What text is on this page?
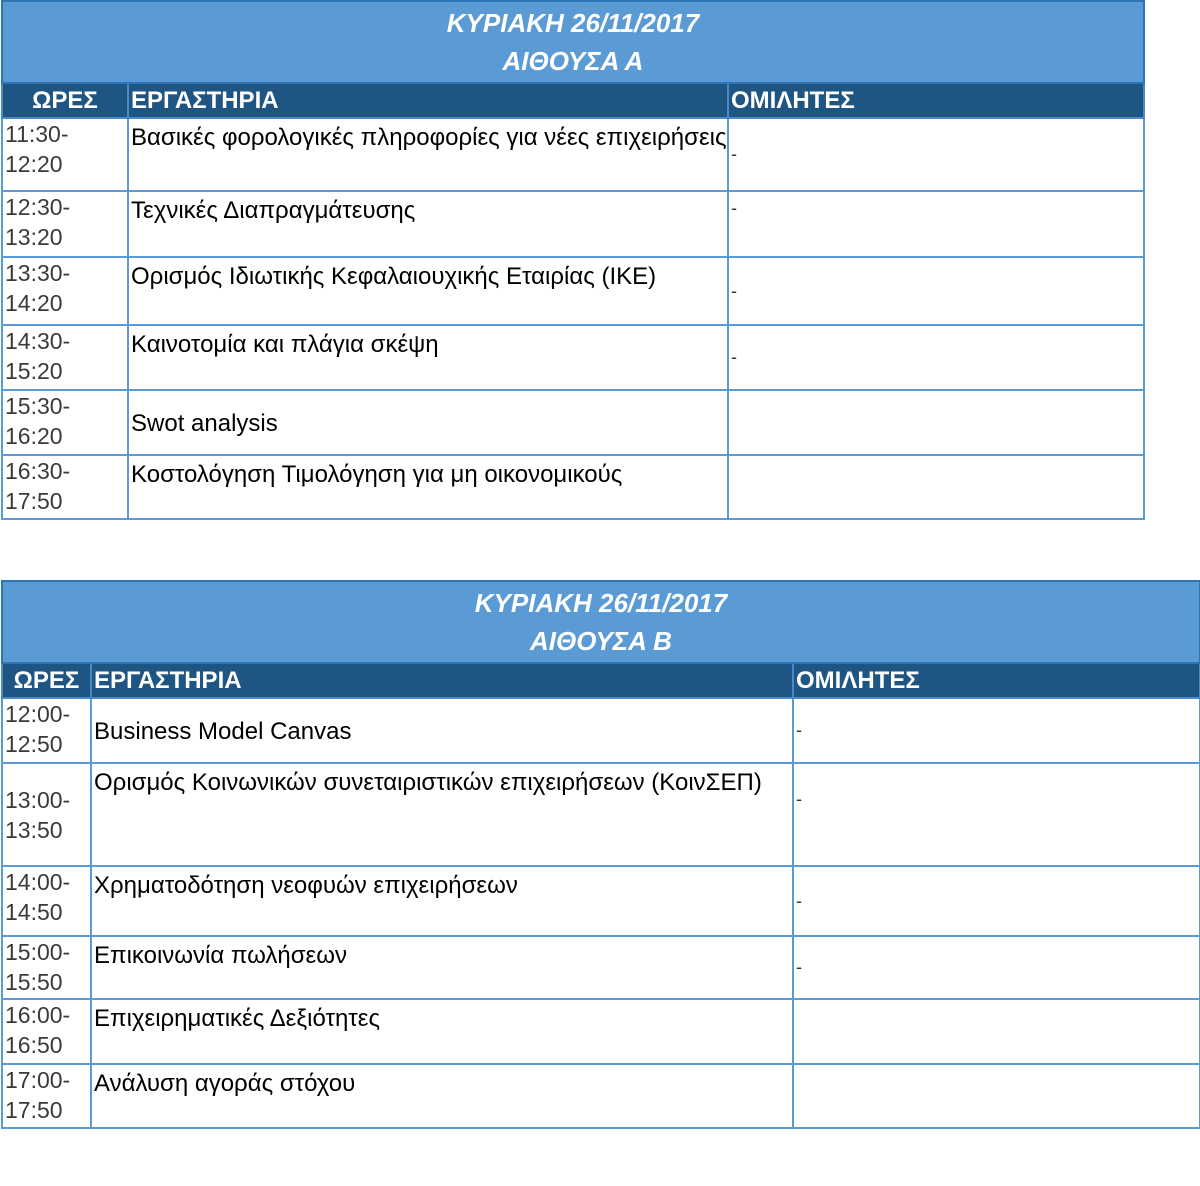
ΚΥΡΙΑΚΗ 26/11/2017
ΑΙΘΟΥΣΑ Α		

ΩΡΕΣ	ΕΡΓΑΣΤΗΡΙΑ	ΟΜΙΛΗΤΕΣ
11:30-
12:20	Βασικές φορολογικές πληροφορίες για νέες επιχειρήσεις	-
12:30-
13:20	Τεχνικές Διαπραγμάτευσης	-
13:30-
14:20	Ορισμός Ιδιωτικής Κεφαλαιουχικής Εταιρίας (ΙΚΕ)	-
14:30-
15:20	Καινοτομία και πλάγια σκέψη	-
15:30-
16:20	Swot analysis	
16:30-
17:50	Κοστολόγηση Τιμολόγηση για μη οικονομικούς	
ΚΥΡΙΑΚΗ 26/11/2017
ΑΙΘΟΥΣΑ Β		

ΩΡΕΣ	ΕΡΓΑΣΤΗΡΙΑ	ΟΜΙΛΗΤΕΣ
12:00-
12:50	Business Model Canvas	-
13:00-
13:50	Ορισμός Κοινωνικών συνεταιριστικών επιχειρήσεων (ΚοινΣΕΠ)	-
14:00-
14:50	Χρηματοδότηση νεοφυών επιχειρήσεων	-
15:00-
15:50	Επικοινωνία πωλήσεων	-
16:00-
16:50	Επιχειρηματικές Δεξιότητες	
17:00-
17:50	Ανάλυση αγοράς στόχου	
